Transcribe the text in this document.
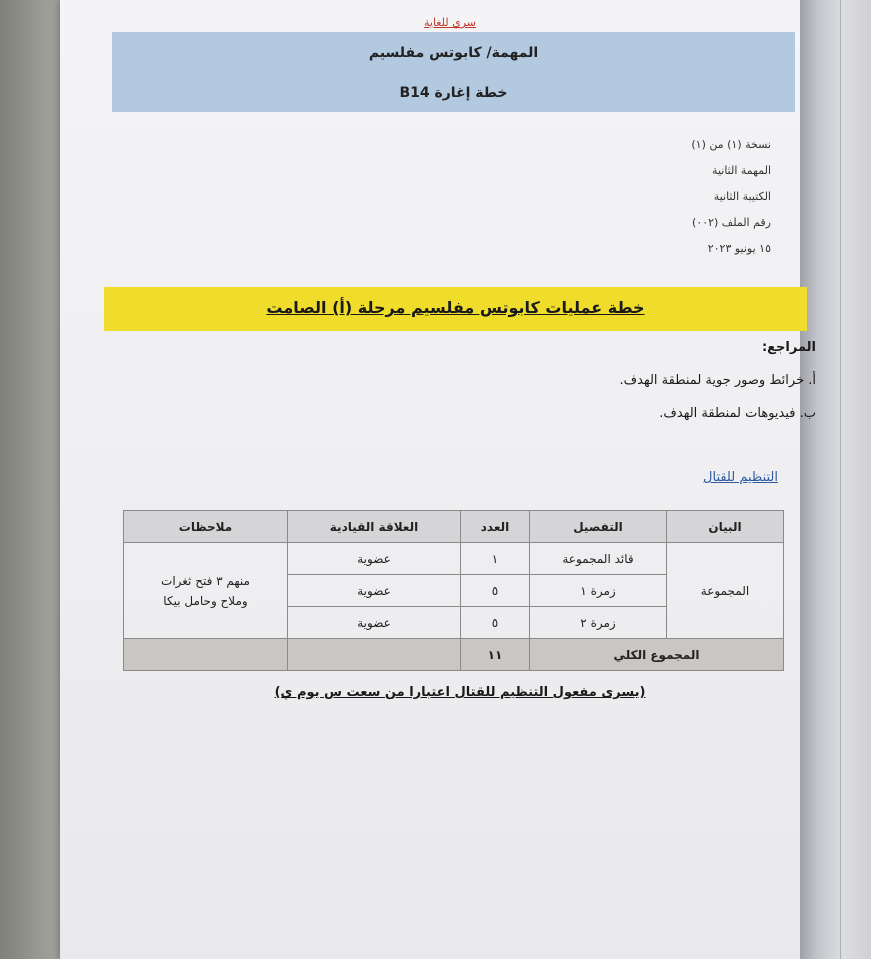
سري للغاية
المهمة/ كابوتس مفلسيم
خطة إغارة B14
نسخة (١) من (١)
المهمة الثانية
الكتيبة الثانية
رقم الملف (٠٠٢)
١٥ يونيو ٢٠٢٣
خطة عمليات كابوتس مفلسيم مرحلة (أ) الصامت
المراجع:
أ. خرائط وصور جوية لمنطقة الهدف.
ب. فيديوهات لمنطقة الهدف.
التنظيم للقتال
البيان	التفصيل	العدد	العلاقة القيادية	ملاحظات
المجموعة	قائد المجموعة	١	عضوية	منهم ٣ فتح ثغرات وملاح وحامل بيكا
	زمرة ١	٥	عضوية	
	زمرة ٢	٥	عضوية	
المجموع الكلي		١١		
(يسرى مفعول التنظيم للقتال اعتبارا من سعت س يوم ي)
